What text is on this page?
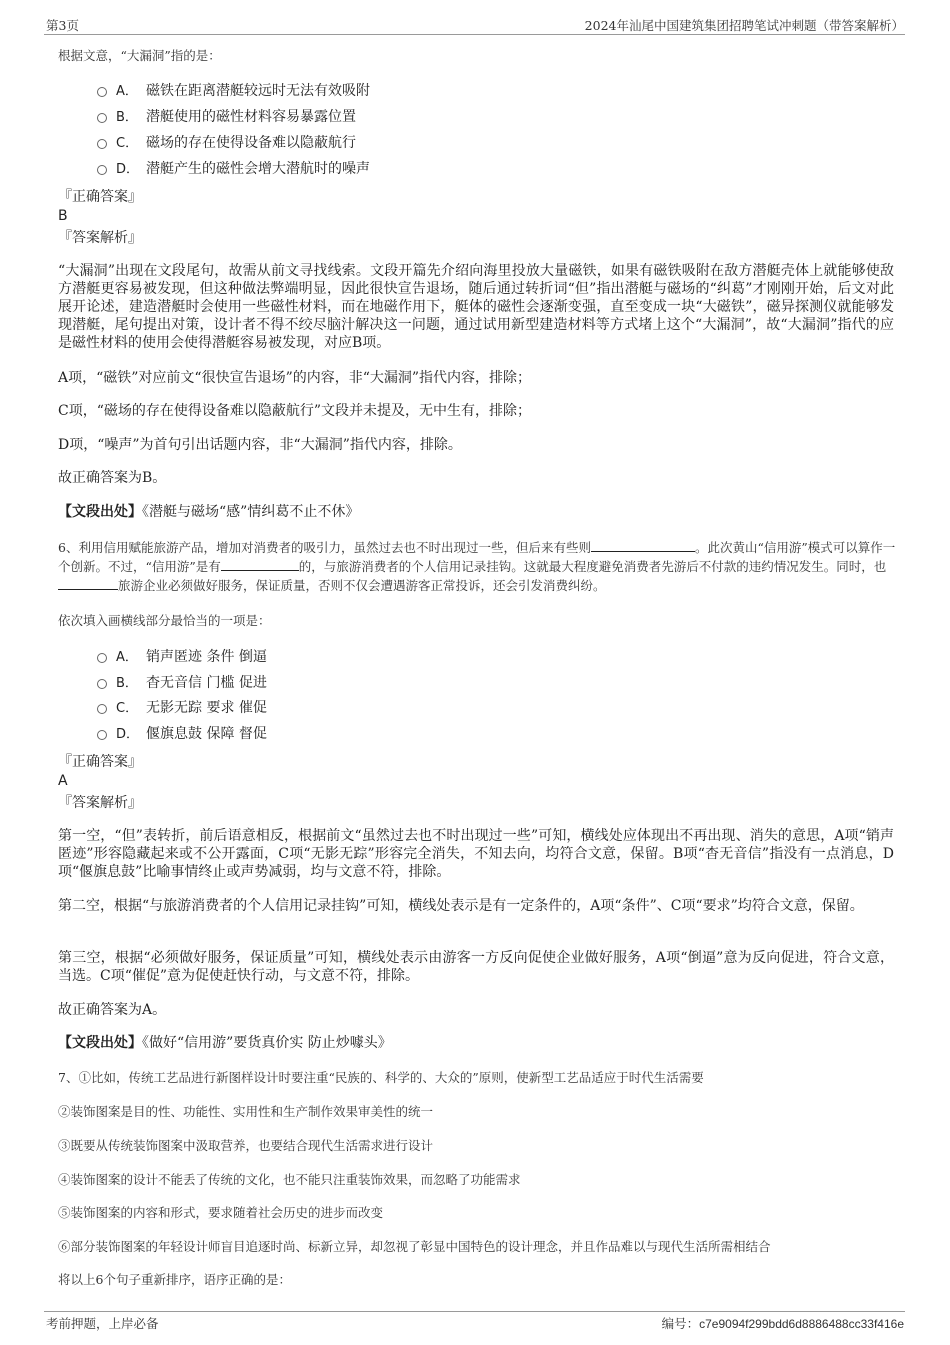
第3页	2024年汕尾中国建筑集团招聘笔试冲刺题（带答案解析）
根据文意，“大漏洞”指的是：
A． 磁铁在距离潜艇较远时无法有效吸附
B． 潜艇使用的磁性材料容易暴露位置
C． 磁场的存在使得设备难以隐蔽航行
D． 潜艇产生的磁性会增大潜航时的噪声
『正确答案』
B
『答案解析』
“大漏洞”出现在文段尾句，故需从前文寻找线索。文段开篇先介绍向海里投放大量磁铁，如果有磁铁吸附在敌方潜艇壳体上就能够使敌方潜艇更容易被发现，但这种做法弊端明显，因此很快宣告退场，随后通过转折词“但”指出潜艇与磁场的“纠葛”才刚刚开始，后文对此展开论述，建造潜艇时会使用一些磁性材料，而在地磁作用下，艇体的磁性会逐渐变强，直至变成一块“大磁铁”，磁异探测仪就能够发现潜艇，尾句提出对策，设计者不得不绞尽脑汁解决这一问题，通过试用新型建造材料等方式堵上这个“大漏洞”，故“大漏洞”指代的应是磁性材料的使用会使得潜艇容易被发现，对应B项。
A项，“磁铁”对应前文“很快宣告退场”的内容，非“大漏洞”指代内容，排除；
C项，“磁场的存在使得设备难以隐蔽航行”文段并未提及，无中生有，排除；
D项，“噪声”为首句引出话题内容，非“大漏洞”指代内容，排除。
故正确答案为B。
【文段出处】《潜艇与磁场“感”情纠葛不止不休》
6、利用信用赋能旅游产品，增加对消费者的吸引力，虽然过去也不时出现过一些，但后来有些则	。此次黄山“信用游”模式可以算作一个创新。不过，“信用游”是有	的，与旅游消费者的个人信用记录挂钩。这就最大程度避免消费者先游后不付款的违约情况发生。同时，也旅游企业必须做好服务，保证质量，否则不仅会遭遇游客正常投诉，还会引发消费纠纷。
依次填入画横线部分最恰当的一项是：
A． 销声匿迹 条件 倒逼
B． 杳无音信 门槛 促进
C． 无影无踪 要求 催促
D． 偃旗息鼓 保障 督促
『正确答案』
A
『答案解析』
第一空，“但”表转折，前后语意相反，根据前文“虽然过去也不时出现过一些”可知，横线处应体现出不再出现、消失的意思，A项“销声匿迹”形容隐藏起来或不公开露面，C项“无影无踪”形容完全消失，不知去向，均符合文意，保留。B项“杳无音信”指没有一点消息，D项“偃旗息鼓”比喻事情终止或声势减弱，均与文意不符，排除。
第二空，根据“与旅游消费者的个人信用记录挂钩”可知，横线处表示是有一定条件的，A项“条件”、C项“要求”均符合文意，保留。
第三空，根据“必须做好服务，保证质量”可知，横线处表示由游客一方反向促使企业做好服务，A项“倒逼”意为反向促进，符合文意，当选。C项“催促”意为促使赶快行动，与文意不符，排除。
故正确答案为A。
【文段出处】《做好“信用游”要货真价实 防止炒噱头》
7、①比如，传统工艺品进行新图样设计时要注重“民族的、科学的、大众的”原则，使新型工艺品适应于时代生活需要
②装饰图案是目的性、功能性、实用性和生产制作效果审美性的统一
③既要从传统装饰图案中汲取营养，也要结合现代生活需求进行设计
④装饰图案的设计不能丢了传统的文化，也不能只注重装饰效果，而忽略了功能需求
⑤装饰图案的内容和形式，要求随着社会历史的进步而改变
⑥部分装饰图案的年轻设计师盲目追逐时尚、标新立异，却忽视了彰显中国特色的设计理念，并且作品难以与现代生活所需相结合
将以上6个句子重新排序，语序正确的是：
考前押题，上岸必备	编号：c7e9094f299bdd6d8886488cc33f416e
